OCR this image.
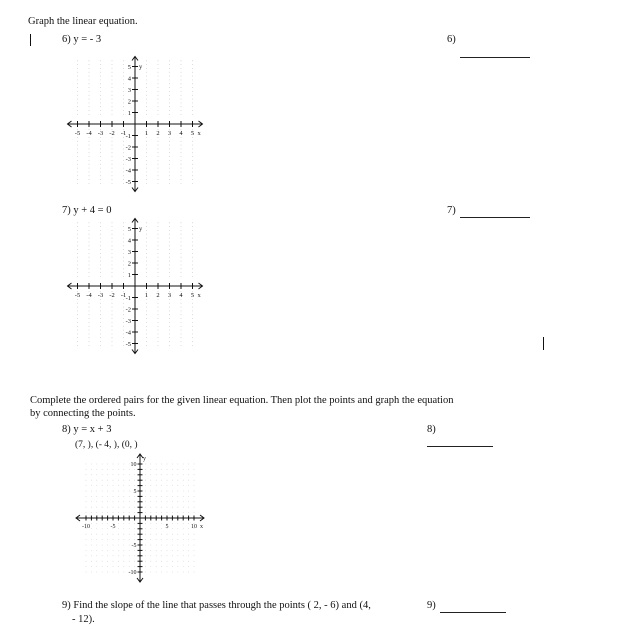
Graph the linear equation.
6) y = - 3	6)
-5 -4 -3 -2 -1	1 2 3 4 5
5
4
3
2
1
-1
-2
-3
-4
-5
x
y
7) y + 4 = 0	7)
-5 -4 -3 -2 -1	1 2 3 4 5
5
4
3
2
1
-1
-2
-3
-4
-5
x
y
Complete the ordered pairs for the given linear equation. Then plot the points and graph the equation
by connecting the points.
8) y = x + 3
(7, ), (- 4, ), (0, )
8)
-10	-5	5	10
10
5
-5
-10
x
y
9) Find the slope of the line that passes through the points ( 2, - 6) and (4,
- 12).
9)
